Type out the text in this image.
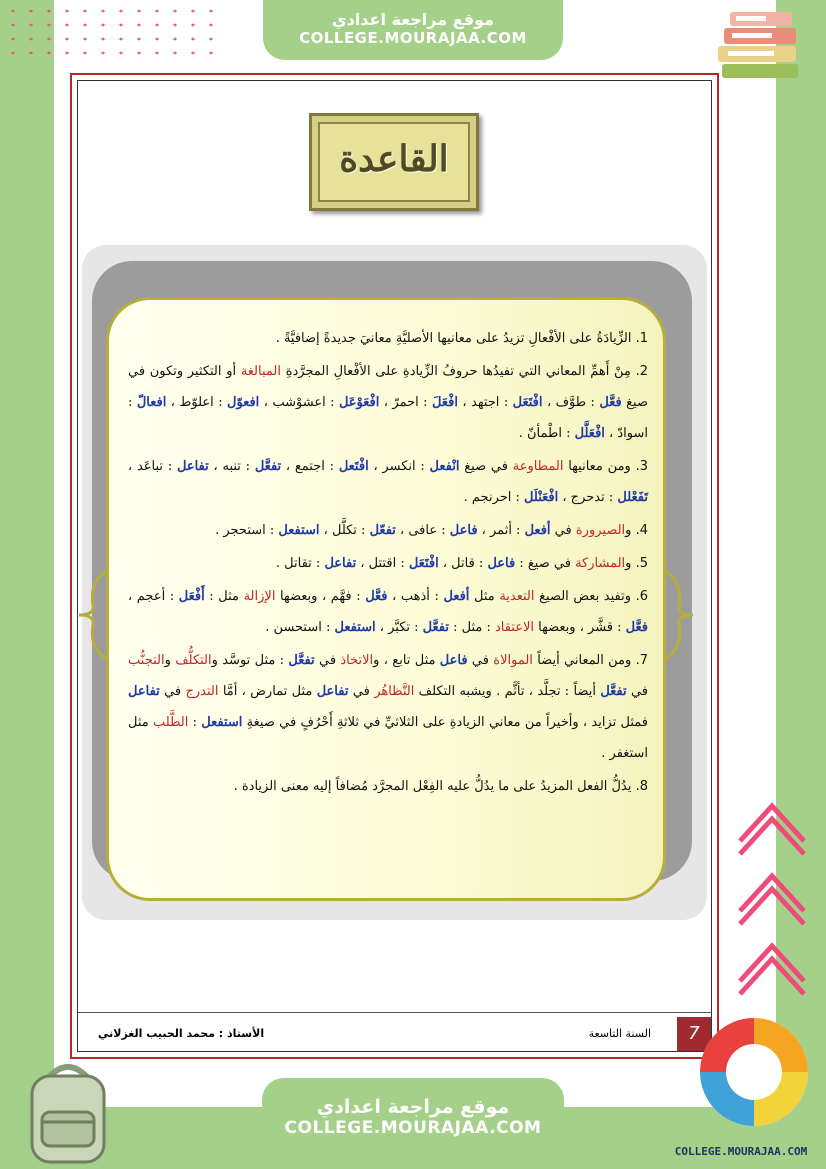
موقع مراجعة اعدادي
COLLEGE.MOURAJAA.COM
القاعدة

1. الزِّيادَةُ على الأفْعالِ تزيدُ على معانيها الأصليَّةِ معانيَ جديدةً إضافيَّةً .

2. مِنْ أَهمِّ المعاني التي تفيدُها حروفُ الزِّيادةِ على الأفْعالِ المجرَّدةِ المبالغة أو التكثير وتكون في صيغ فعَّل : طوَّف ، افْتَعَل : اجتهد ، افْعَلَ : احمرّ ، افْعَوْعَل : اعشوْشب ، افعوّل : اعلوّط ، افعالّ : اسوادّ ، افْعَلَّل : اطْمأنّ .

3. ومن معانيها المطاوعة في صيغ انْفعل : انكسر ، افْتَعل : اجتمع ، تفعَّل : تنبه ، تفاعل : تباعَد ، تَفَعْلل : تدحرج ، افْعَنْلَل : احرنجم .

4. والصيرورة في أفعل : أثمر ، فاعل : عافى ، تفعّل : تكلَّل ، استفعل : استحجر .

5. والمشاركة في صيغ : فاعل : قاتل ، افْتَعَل : اقتتل ، تفاعل : تقاتل .

6. وتفيد بعض الصيغ التعدية مثل أفعل : أذهب ، فعَّل : فهَّم ، وبعضها الإزالة مثل : أَفْعَل : أعجم ، فعَّل : قشَّر ، وبعضها الاعتقاد : مثل : تفعَّل : تكبَّر ، استفعل : استحسن .

7. ومن المعاني أيضاً الموالاة في فاعل مثل تابع ، والاتخاذ في تفعَّل : مثل توسَّد والتكلُّف والتجنُّب في تفعَّل أيضاً : تجلَّد ، تأثَّم . ويشبه التكلف التَّظاهُر في تفاعل مثل تمارض ، أمَّا التدرج في تفاعل فمثل تزايد ، وأخيراً من معاني الزيادةِ على الثلاثيِّ في ثلاثةِ أَحْرُفٍ في صيغةِ استفعل : الطَّلب مثل استغفر .

8. يدُلُّ الفعل المزيدُ على ما يدُلُّ عليه الفِعْل المجرَّد مُضافاً إليه معنى الزيادة .

7
السنة التاسعة
الأستاذ : محمد الحبيب الغزلاني
موقع مراجعة اعدادي
COLLEGE.MOURAJAA.COM
COLLEGE.MOURAJAA.COM
